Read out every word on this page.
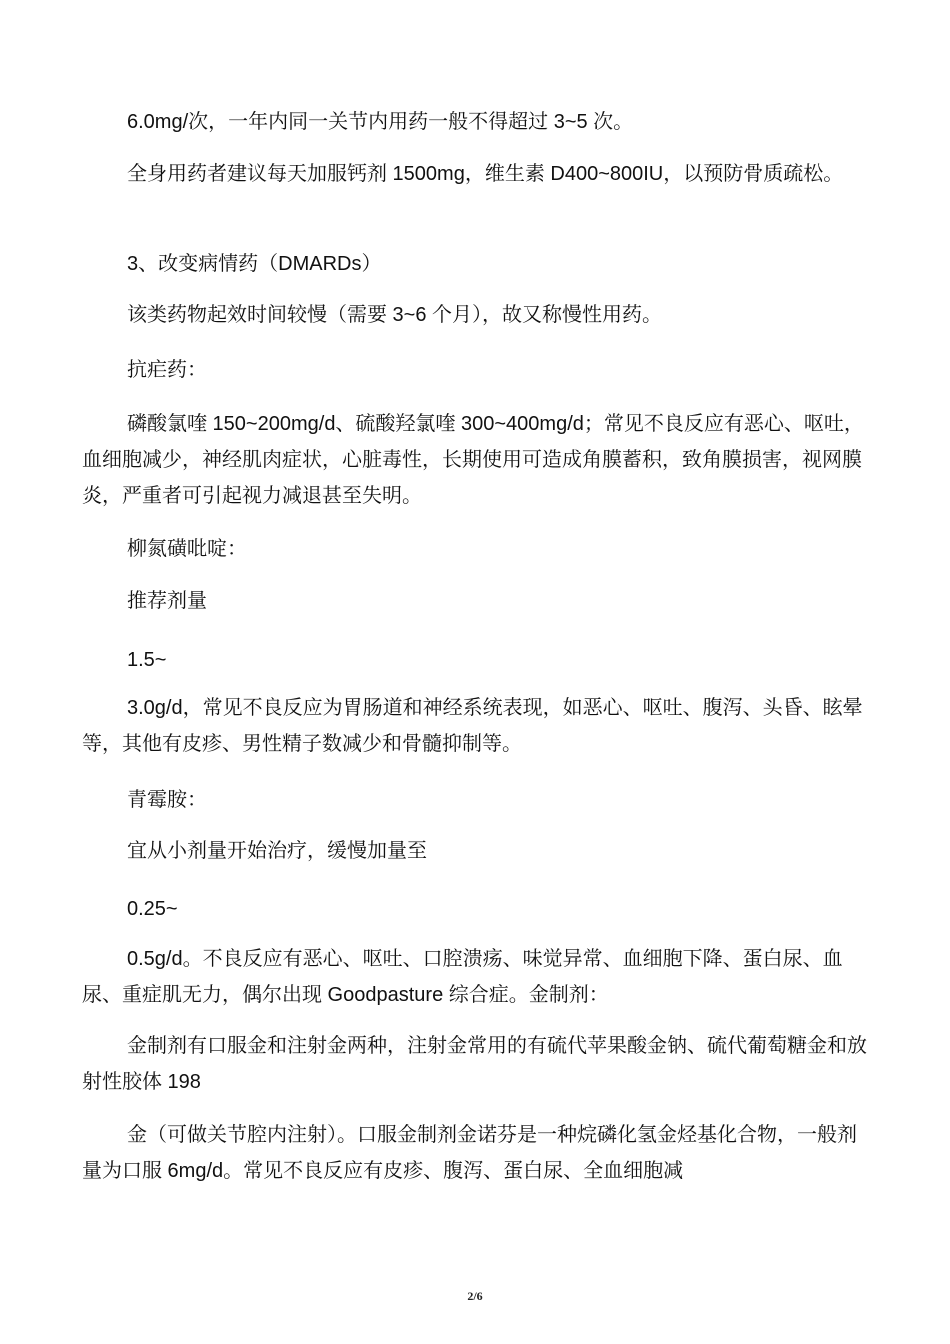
6.0mg/次，一年内同一关节内用药一般不得超过 3~5 次。

全身用药者建议每天加服钙剂 1500mg，维生素 D400~800IU，以预防骨质疏松。

3、改变病情药（DMARDs）

该类药物起效时间较慢（需要 3~6 个月），故又称慢性用药。

抗疟药：

磷酸氯喹 150~200mg/d、硫酸羟氯喹 300~400mg/d；常见不良反应有恶心、呕吐，血细胞减少，神经肌肉症状，心脏毒性，长期使用可造成角膜蓄积，致角膜损害，视网膜炎，严重者可引起视力减退甚至失明。

柳氮磺吡啶：

推荐剂量

1.5~

3.0g/d，常见不良反应为胃肠道和神经系统表现，如恶心、呕吐、腹泻、头昏、眩晕等，其他有皮疹、男性精子数减少和骨髓抑制等。

青霉胺：

宜从小剂量开始治疗，缓慢加量至

0.25~

0.5g/d。不良反应有恶心、呕吐、口腔溃疡、味觉异常、血细胞下降、蛋白尿、血尿、重症肌无力，偶尔出现 Goodpasture 综合症。金制剂：

金制剂有口服金和注射金两种，注射金常用的有硫代苹果酸金钠、硫代葡萄糖金和放射性胶体 198

金（可做关节腔内注射）。口服金制剂金诺芬是一种烷磷化氢金烃基化合物，一般剂量为口服 6mg/d。常见不良反应有皮疹、腹泻、蛋白尿、全血细胞减

2/6
